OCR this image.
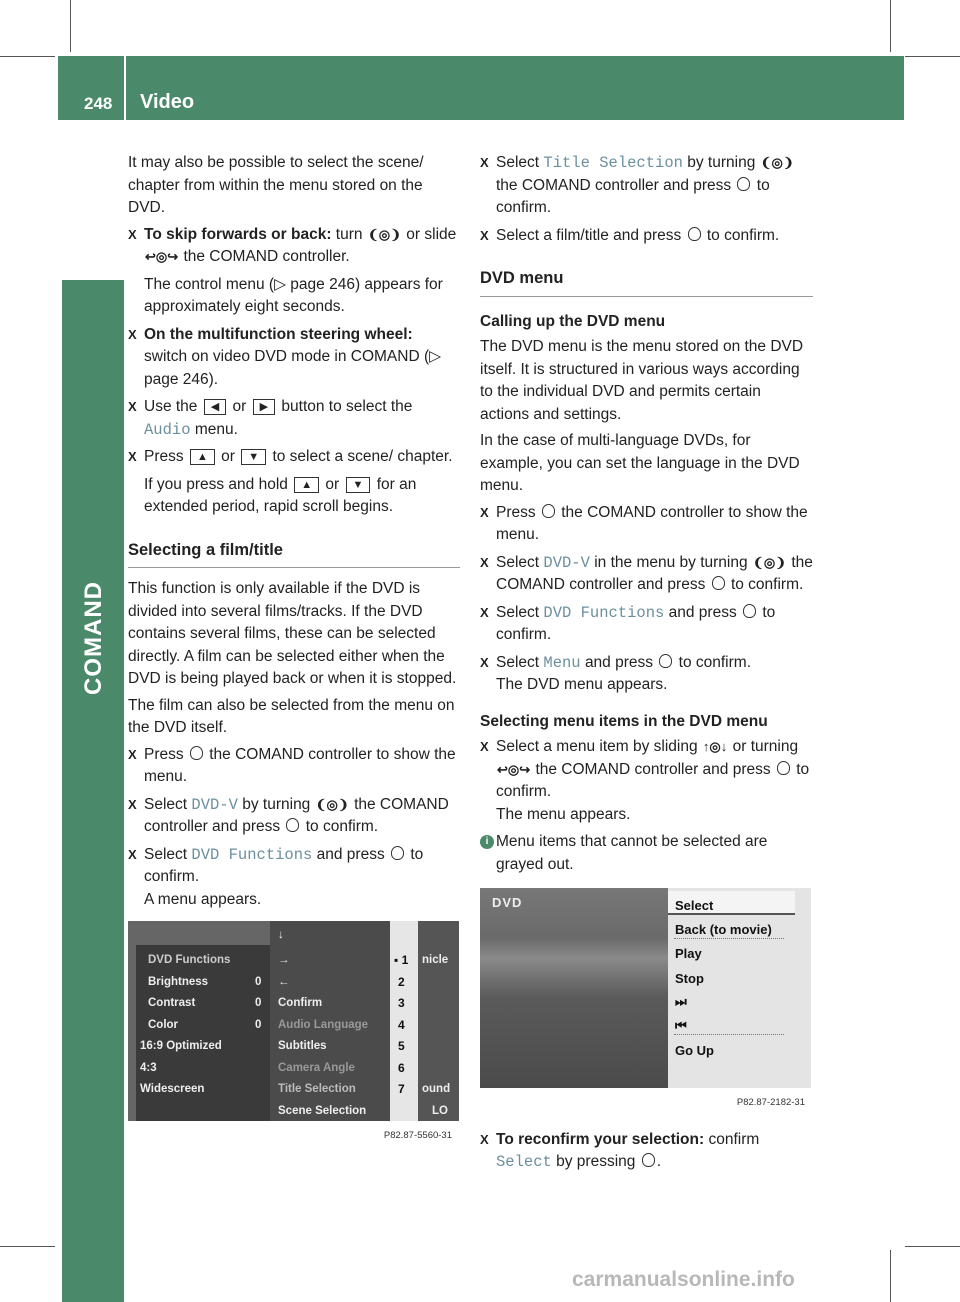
248 Video
COMAND

It may also be possible to select the scene/ chapter from within the menu stored on the DVD.

X To skip forwards or back: turn ❨◎❩ or slide ↩◎↪ the COMAND controller.
The control menu (▷ page 246) appears for approximately eight seconds.
X On the multifunction steering wheel: switch on video DVD mode in COMAND (▷ page 246).
X Use the ◀ or ▶ button to select the Audio menu.
X Press ▲ or ▼ to select a scene/ chapter.
If you press and hold ▲ or ▼ for an extended period, rapid scroll begins.
Selecting a film/title

This function is only available if the DVD is divided into several films/tracks. If the DVD contains several films, these can be selected directly. A film can be selected either when the DVD is being played back or when it is stopped.

The film can also be selected from the menu on the DVD itself.

X Press the COMAND controller to show the menu.
X Select DVD-V by turning ❨◎❩ the COMAND controller and press to confirm.
X Select DVD Functions and press to confirm.
A menu appears.
DVD Functions
Brightness
Contrast
Color
16:9 Optimized
4:3
Widescreen
0
0
0
↓
→
←
Confirm
Audio Language
Subtitles
Camera Angle
Title Selection
Scene Selection
▪ 1
2
3
4
5
6
7
nicle
ound
LO
P82.87-5560-31
X Select Title Selection by turning ❨◎❩ the COMAND controller and press to confirm.
X Select a film/title and press to confirm.
DVD menu
Calling up the DVD menu

The DVD menu is the menu stored on the DVD itself. It is structured in various ways according to the individual DVD and permits certain actions and settings.

In the case of multi-language DVDs, for example, you can set the language in the DVD menu.

X Press the COMAND controller to show the menu.
X Select DVD-V in the menu by turning ❨◎❩ the COMAND controller and press to confirm.
X Select DVD Functions and press to confirm.
X Select Menu and press to confirm.
The DVD menu appears.
Selecting menu items in the DVD menu
X Select a menu item by sliding ↑◎↓ or turning ↩◎↪ the COMAND controller and press to confirm.
The menu appears.
i Menu items that cannot be selected are grayed out.
DVD	Select
Back (to movie)
Play
Stop
⏭
⏮
Go Up
P82.87-2182-31
X To reconfirm your selection: confirm
Select by pressing .
carmanualsonline.info
